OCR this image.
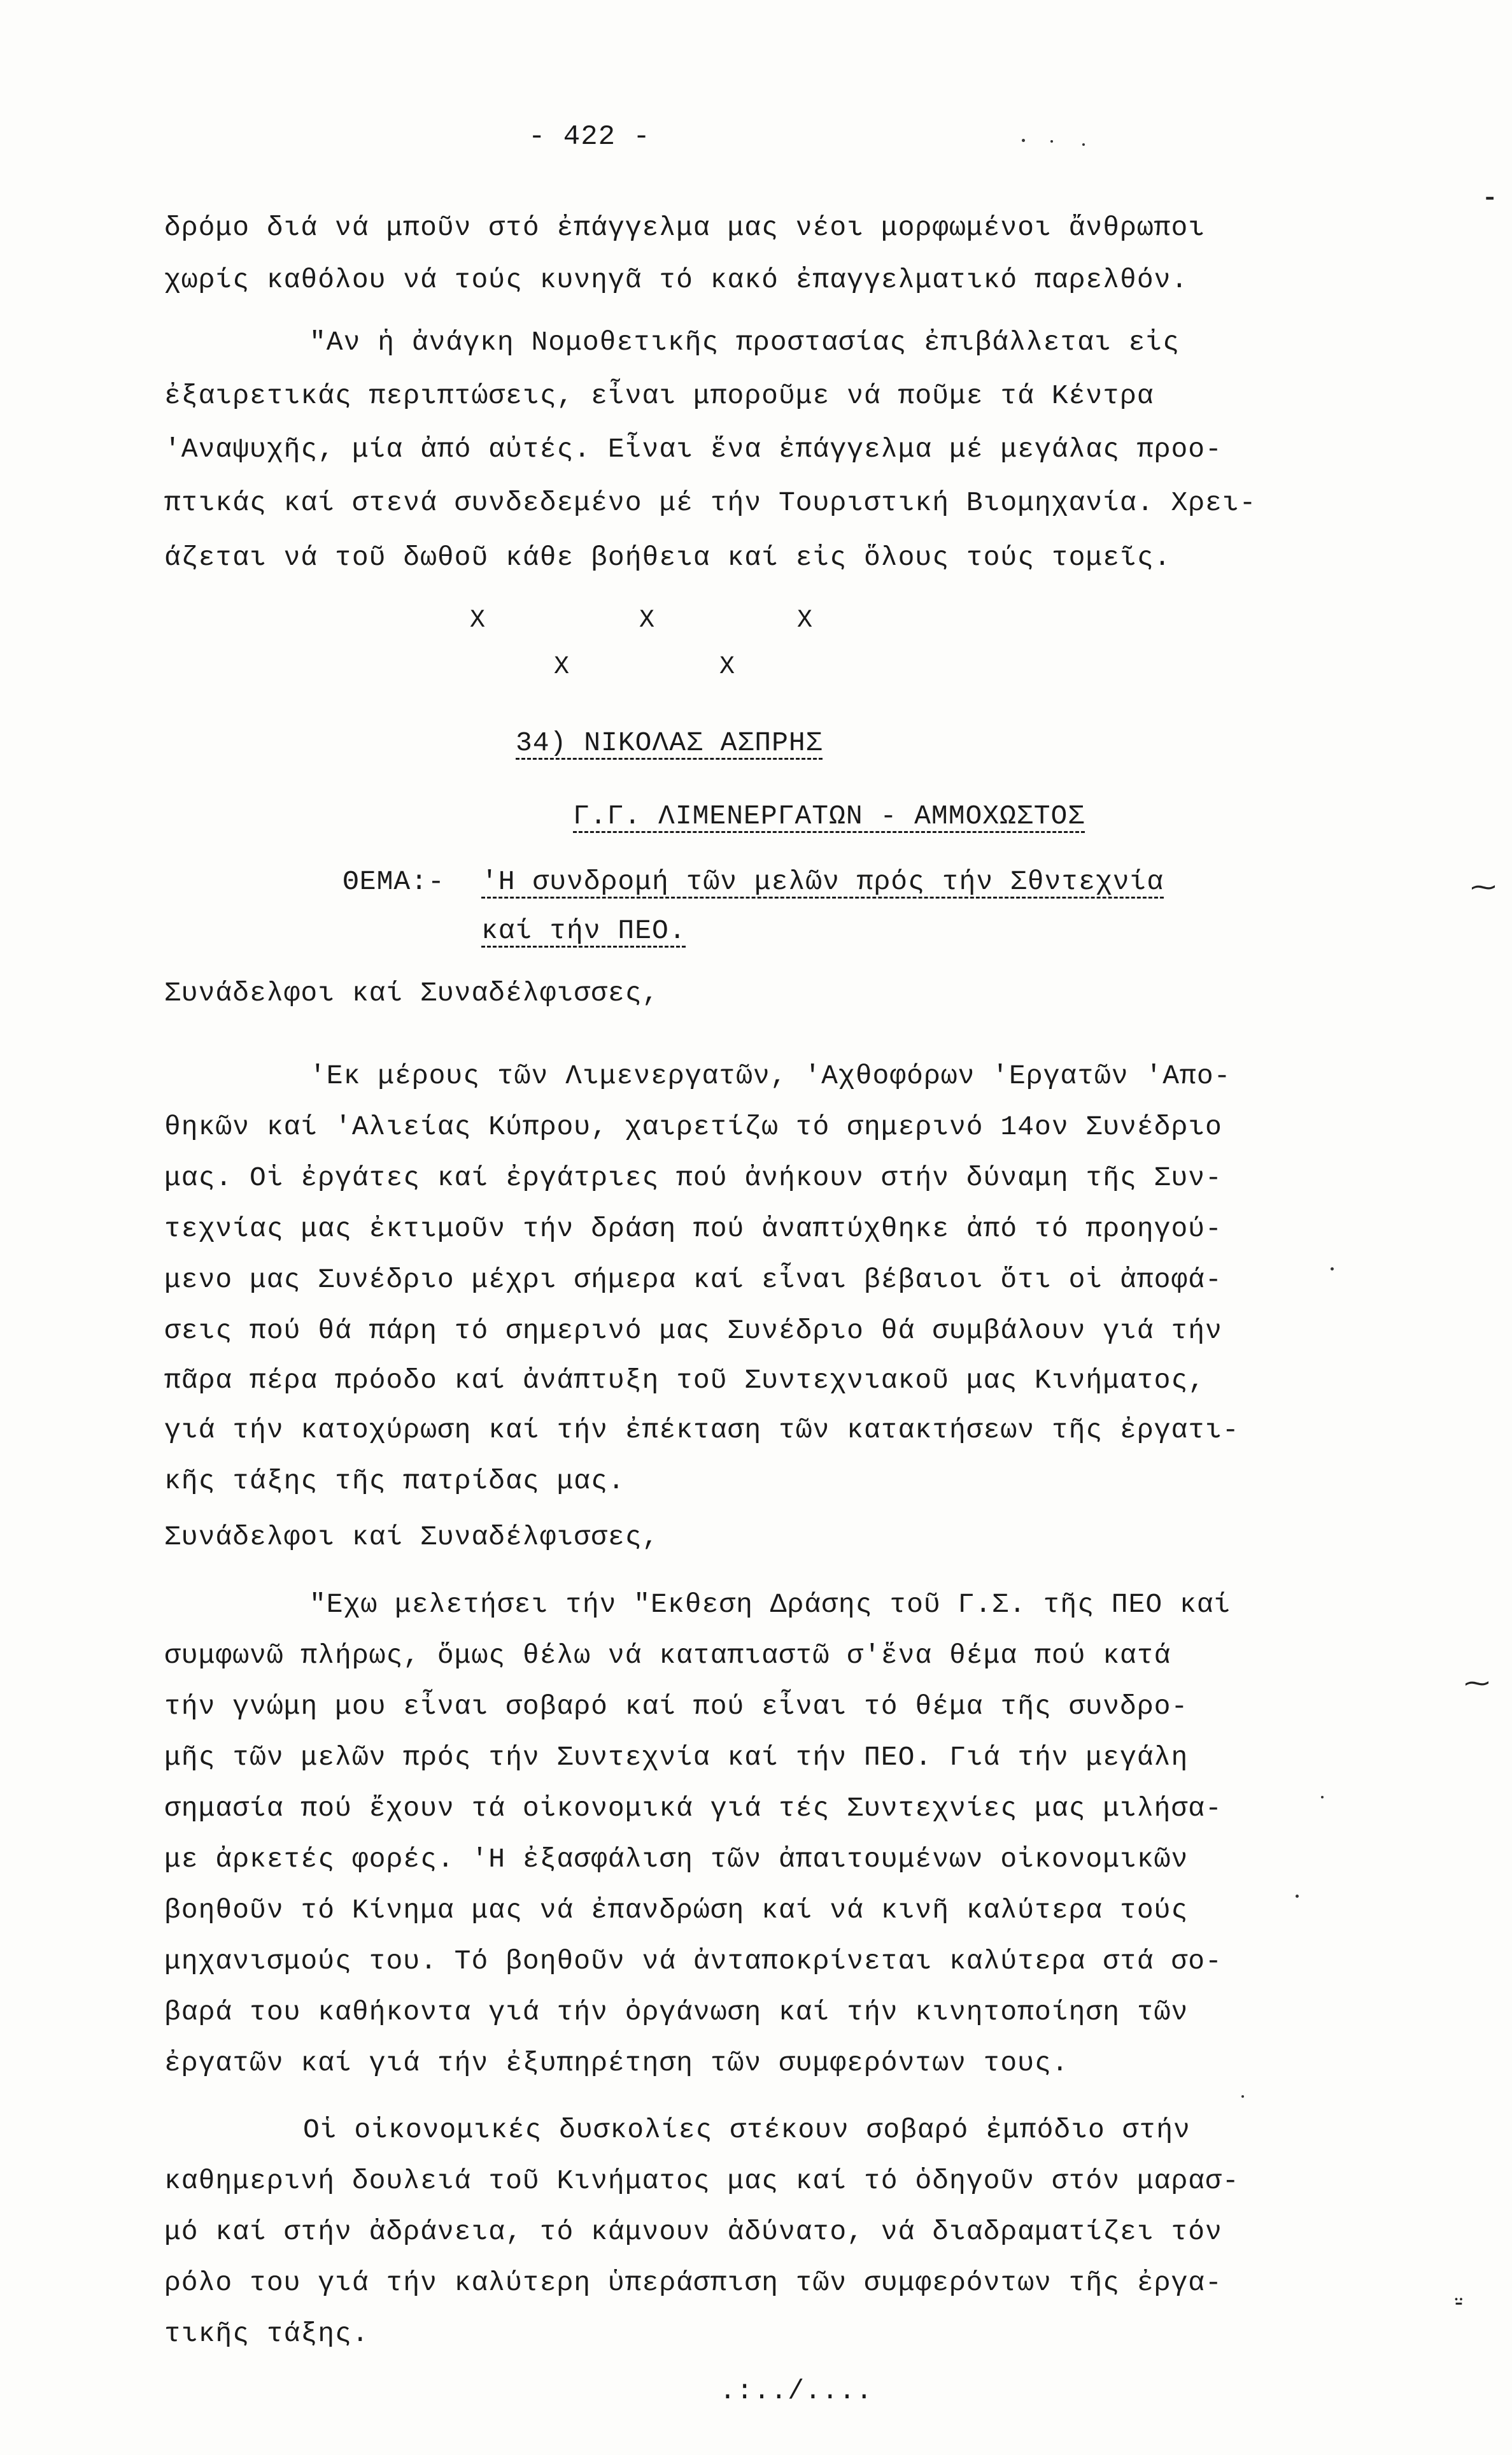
- 422 -
δρόμο διά νά μποῦν στό ἐπάγγελμα μας νέοι μορφωμένοι ἄνθρωποι
χωρίς καθόλου νά τούς κυνηγᾶ τό κακό ἐπαγγελματικό παρελθόν.
"Αν ἡ ἀνάγκη Νομοθετικῆς προστασίας ἐπιβάλλεται εἰς
ἐξαιρετικάς περιπτώσεις, εἶναι μποροῦμε νά ποῦμε τά Κέντρα
'Αναψυχῆς, μία ἀπό αὐτές. Εἶναι ἕνα ἐπάγγελμα μέ μεγάλας προο-
πτικάς καί στενά συνδεδεμένο μέ τήν Τουριστική Βιομηχανία. Χρει-
άζεται νά τοῦ δωθοῦ κάθε βοήθεια καί εἰς ὅλους τούς τομεῖς.
X	X	X
X	X
34) ΝΙΚΟΛΑΣ ΑΣΠΡΗΣ
Γ.Γ. ΛΙΜΕΝΕΡΓΑΤΩΝ - ΑΜΜΟΧΩΣΤΟΣ
ΘΕΜΑ:- 'Η συνδρομή τῶν μελῶν πρός τήν Σθντεχνία
καί τήν ΠΕΟ.
Συνάδελφοι καί Συναδέλφισσες,
'Εκ μέρους τῶν Λιμενεργατῶν, 'Αχθοφόρων 'Εργατῶν 'Απο-
θηκῶν καί 'Αλιείας Κύπρου, χαιρετίζω τό σημερινό 14ον Συνέδριο
μας. Οἱ ἐργάτες καί ἐργάτριες πού ἀνήκουν στήν δύναμη τῆς Συν-
τεχνίας μας ἐκτιμοῦν τήν δράση πού ἀναπτύχθηκε ἀπό τό προηγού-
μενο μας Συνέδριο μέχρι σήμερα καί εἶναι βέβαιοι ὅτι οἱ ἀποφά-
σεις πού θά πάρη τό σημερινό μας Συνέδριο θά συμβάλουν γιά τήν
πᾶρα πέρα πρόοδο καί ἀνάπτυξη τοῦ Συντεχνιακοῦ μας Κινήματος,
γιά τήν κατοχύρωση καί τήν ἐπέκταση τῶν κατακτήσεων τῆς ἐργατι-
κῆς τάξης τῆς πατρίδας μας.
Συνάδελφοι καί Συναδέλφισσες,
"Εχω μελετήσει τήν "Εκθεση Δράσης τοῦ Γ.Σ. τῆς ΠΕΟ καί
συμφωνῶ πλήρως, ὅμως θέλω νά καταπιαστῶ σ'ἕνα θέμα πού κατά
τήν γνώμη μου εἶναι σοβαρό καί πού εἶναι τό θέμα τῆς συνδρο-
μῆς τῶν μελῶν πρός τήν Συντεχνία καί τήν ΠΕΟ. Γιά τήν μεγάλη
σημασία πού ἔχουν τά οἰκονομικά γιά τές Συντεχνίες μας μιλήσα-
με ἀρκετές φορές. 'Η ἐξασφάλιση τῶν ἀπαιτουμένων οἰκονομικῶν
βοηθοῦν τό Κίνημα μας νά ἐπανδρώση καί νά κινῆ καλύτερα τούς
μηχανισμούς του. Τό βοηθοῦν νά ἀνταποκρίνεται καλύτερα στά σο-
βαρά του καθήκοντα γιά τήν ὀργάνωση καί τήν κινητοποίηση τῶν
ἐργατῶν καί γιά τήν ἐξυπηρέτηση τῶν συμφερόντων τους.
Οἱ οἰκονομικές δυσκολίες στέκουν σοβαρό ἐμπόδιο στήν
καθημερινή δουλειά τοῦ Κινήματος μας καί τό ὁδηγοῦν στόν μαρασ-
μό καί στήν ἀδράνεια, τό κάμνουν ἀδύνατο, νά διαδραματίζει τόν
ρόλο του γιά τήν καλύτερη ὑπεράσπιση τῶν συμφερόντων τῆς ἐργα-
τικῆς τάξης.
.:../....
⁃
⁓
⁓
⸚
